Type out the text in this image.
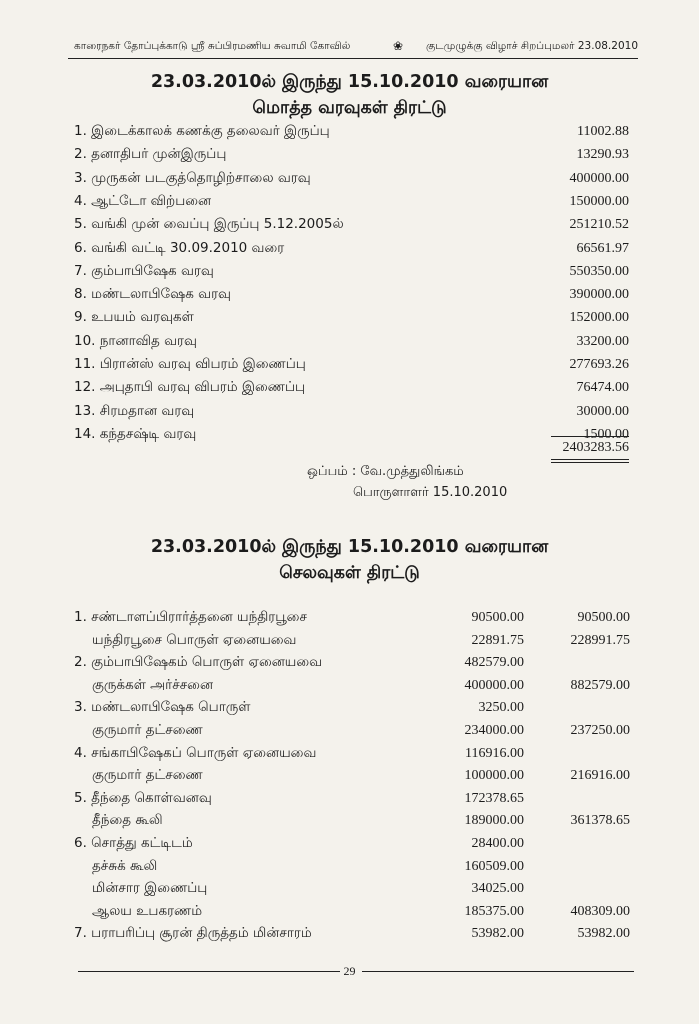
காரைநகர் தோப்புக்காடு ஸ்ரீ சுப்பிரமணிய சுவாமி கோவில்	❀ குடமுழுக்கு விழாச் சிறப்புமலர் 23.08.2010
23.03.2010ல் இருந்து 15.10.2010 வரையான
மொத்த வரவுகள் திரட்டு
1. இடைக்காலக் கணக்கு தலைவர் இருப்பு	11002.88
2. தனாதிபர் முன்இருப்பு	13290.93
3. முருகன் படகுத்தொழிற்சாலை வரவு	400000.00
4. ஆட்டோ விற்பனை	150000.00
5. வங்கி முன் வைப்பு இருப்பு 5.12.2005ல்	251210.52
6. வங்கி வட்டி 30.09.2010 வரை	66561.97
7. கும்பாபிஷேக வரவு	550350.00
8. மண்டலாபிஷேக வரவு	390000.00
9. உபயம் வரவுகள்	152000.00
10. நானாவித வரவு	33200.00
11. பிரான்ஸ் வரவு விபரம் இணைப்பு	277693.26
12. அபுதாபி வரவு விபரம் இணைப்பு	76474.00
13. சிரமதான வரவு	30000.00
14. கந்தசஷ்டி வரவு	1500.00
2403283.56
ஒப்பம் : வே.முத்துலிங்கம்
பொருளாளர் 15.10.2010
23.03.2010ல் இருந்து 15.10.2010 வரையான
செலவுகள் திரட்டு
1. சண்டாளப்பிரார்த்தனை யந்திரபூசை	90500.00	90500.00
யந்திரபூசை பொருள் ஏனையவை	22891.75	228991.75
2. கும்பாபிஷேகம் பொருள் ஏனையவை	482579.00
குருக்கள் அர்ச்சனை	400000.00	882579.00
3. மண்டலாபிஷேக பொருள்	3250.00
குருமார் தட்சணை	234000.00	237250.00
4. சங்காபிஷேகப் பொருள் ஏனையவை	116916.00
குருமார் தட்சணை	100000.00	216916.00
5. தீந்தை கொள்வனவு	172378.65
தீந்தை கூலி	189000.00	361378.65
6. சொத்து கட்டிடம்	28400.00
தச்சுக் கூலி	160509.00
மின்சார இணைப்பு	34025.00
ஆலய உபகரணம்	185375.00	408309.00
7. பராபரிப்பு சூரன் திருத்தம் மின்சாரம்	53982.00	53982.00
29
